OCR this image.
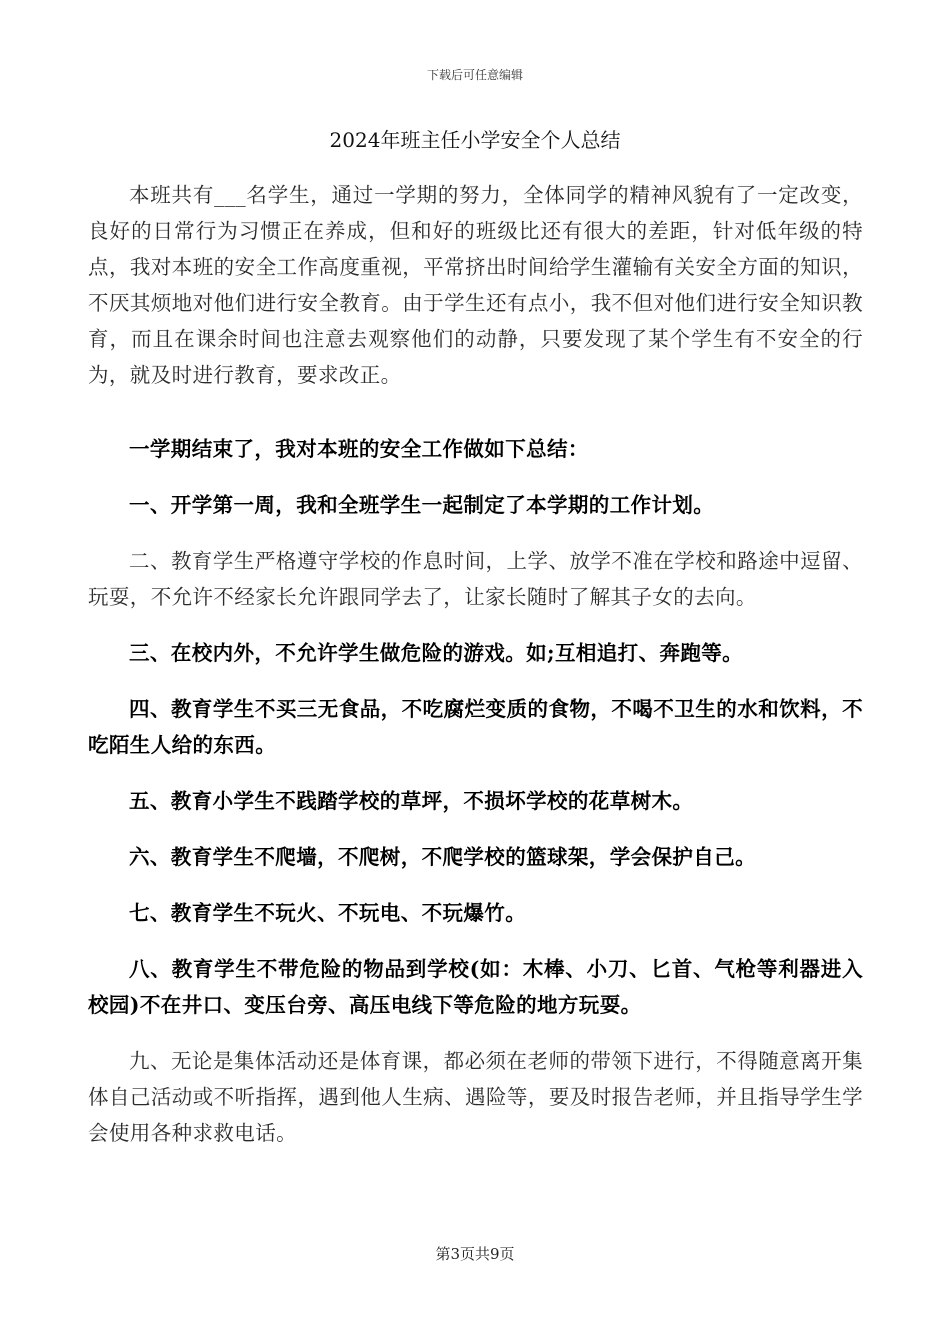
下载后可任意编辑
2024年班主任小学安全个人总结

本班共有___名学生，通过一学期的努力，全体同学的精神风貌有了一定改变，良好的日常行为习惯正在养成，但和好的班级比还有很大的差距，针对低年级的特点，我对本班的安全工作高度重视，平常挤出时间给学生灌输有关安全方面的知识，不厌其烦地对他们进行安全教育。由于学生还有点小，我不但对他们进行安全知识教育，而且在课余时间也注意去观察他们的动静，只要发现了某个学生有不安全的行为，就及时进行教育，要求改正。

一学期结束了，我对本班的安全工作做如下总结：

一、开学第一周，我和全班学生一起制定了本学期的工作计划。

二、教育学生严格遵守学校的作息时间，上学、放学不准在学校和路途中逗留、玩耍，不允许不经家长允许跟同学去了，让家长随时了解其子女的去向。

三、在校内外，不允许学生做危险的游戏。如;互相追打、奔跑等。

四、教育学生不买三无食品，不吃腐烂变质的食物，不喝不卫生的水和饮料，不吃陌生人给的东西。

五、教育小学生不践踏学校的草坪，不损坏学校的花草树木。

六、教育学生不爬墙，不爬树，不爬学校的篮球架，学会保护自己。

七、教育学生不玩火、不玩电、不玩爆竹。

八、教育学生不带危险的物品到学校(如：木棒、小刀、匕首、气枪等利器进入校园)不在井口、变压台旁、高压电线下等危险的地方玩耍。

九、无论是集体活动还是体育课，都必须在老师的带领下进行，不得随意离开集体自己活动或不听指挥，遇到他人生病、遇险等，要及时报告老师，并且指导学生学会使用各种求救电话。

第3页共9页
